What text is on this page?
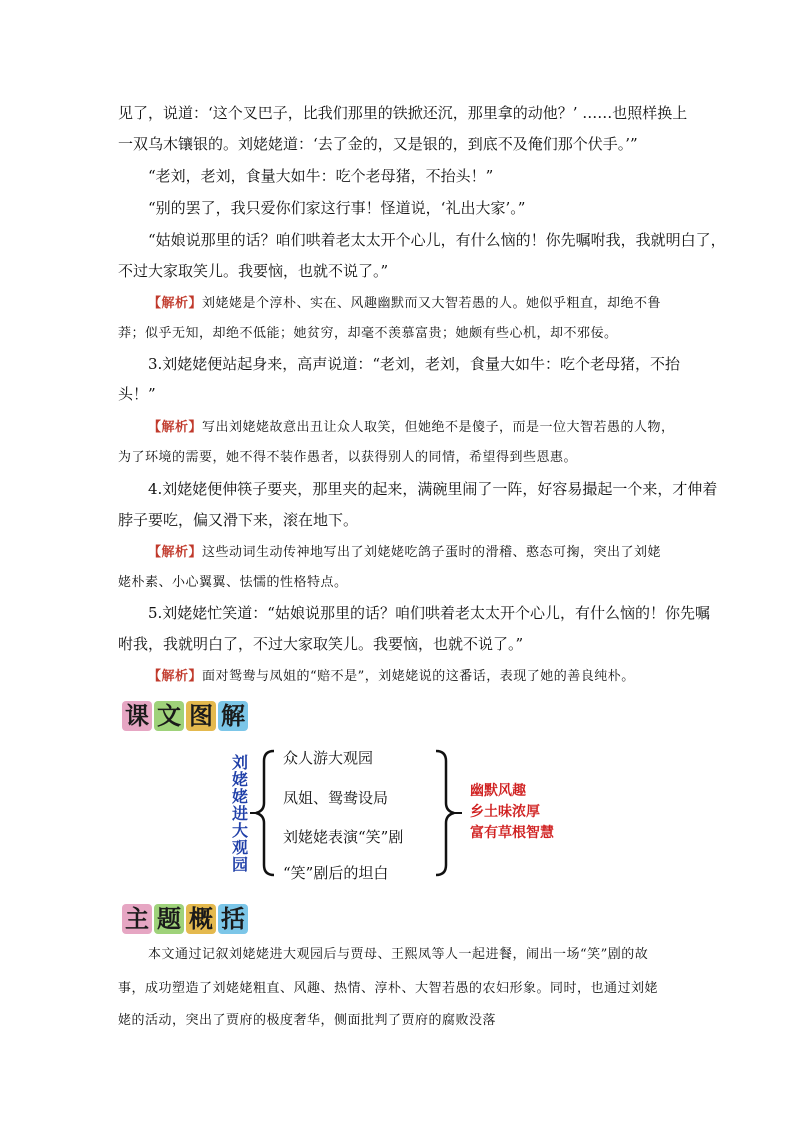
见了，说道：‘这个叉巴子，比我们那里的铁掀还沉，那里拿的动他？’ ……也照样换上
一双乌木镶银的。刘姥姥道：‘去了金的，又是银的，到底不及俺们那个伏手。’”
“老刘，老刘，食量大如牛：吃个老母猪，不抬头！”
“别的罢了，我只爱你们家这行事！怪道说，‘礼出大家’。”
“姑娘说那里的话？咱们哄着老太太开个心儿，有什么恼的！你先嘱咐我，我就明白了，
不过大家取笑儿。我要恼，也就不说了。”
【解析】刘姥姥是个淳朴、实在、风趣幽默而又大智若愚的人。她似乎粗直，却绝不鲁
莽；似乎无知，却绝不低能；她贫穷，却毫不羡慕富贵；她颇有些心机，却不邪佞。
3.刘姥姥便站起身来，高声说道：“老刘，老刘，食量大如牛：吃个老母猪，不抬
头！”
【解析】写出刘姥姥故意出丑让众人取笑，但她绝不是傻子，而是一位大智若愚的人物，
为了环境的需要，她不得不装作愚者，以获得别人的同情，希望得到些恩惠。
4.刘姥姥便伸筷子要夹，那里夹的起来，满碗里闹了一阵，好容易撮起一个来，才伸着
脖子要吃，偏又滑下来，滚在地下。
【解析】这些动词生动传神地写出了刘姥姥吃鸽子蛋时的滑稽、憨态可掬，突出了刘姥
姥朴素、小心翼翼、怯懦的性格特点。
5.刘姥姥忙笑道：“姑娘说那里的话？咱们哄着老太太开个心儿，有什么恼的！你先嘱
咐我，我就明白了，不过大家取笑儿。我要恼，也就不说了。”
【解析】面对鸳鸯与凤姐的“赔不是”，刘姥姥说的这番话，表现了她的善良纯朴。
课 文 图 解
刘
姥
姥
进
大
观
园
众人游大观园
凤姐、鸳鸯设局
刘姥姥表演“笑”剧
“笑”剧后的坦白
幽默风趣
乡土味浓厚
富有草根智慧
主 题 概 括
本文通过记叙刘姥姥进大观园后与贾母、王熙凤等人一起进餐，闹出一场“笑”剧的故
事，成功塑造了刘姥姥粗直、风趣、热情、淳朴、大智若愚的农妇形象。同时，也通过刘姥
姥的活动，突出了贾府的极度奢华，侧面批判了贾府的腐败没落
